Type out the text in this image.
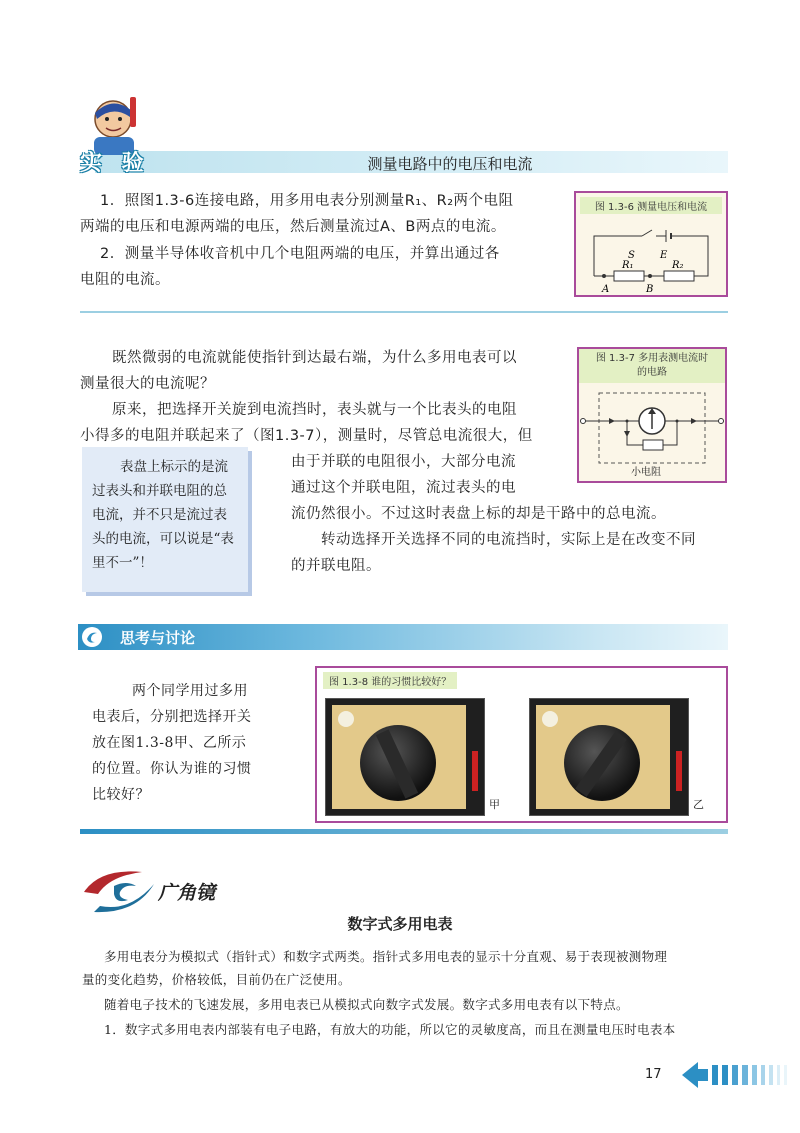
实 验	测量电路中的电压和电流
1．照图1.3-6连接电路，用多用电表分别测量R₁、R₂两个电阻
两端的电压和电源两端的电压，然后测量流过A、B两点的电流。
2．测量半导体收音机中几个电阻两端的电压，并算出通过各
电阻的电流。
图 1.3-6 测量电压和电流
S	E
R₁	R₂
A	B
既然微弱的电流就能使指针到达最右端，为什么多用电表可以
测量很大的电流呢？
原来，把选择开关旋到电流挡时，表头就与一个比表头的电阻
小得多的电阻并联起来了（图1.3-7），测量时，尽管总电流很大，但
由于并联的电阻很小，大部分电流
通过这个并联电阻，流过表头的电
流仍然很小。不过这时表盘上标的却是干路中的总电流。
转动选择开关选择不同的电流挡时，实际上是在改变不同
的并联电阻。
表盘上标示的是流过表头和并联电阻的总电流，并不只是流过表头的电流，可以说是“表里不一”！
图 1.3-7 多用表测电流时
的电路
小电阻
思考与讨论
两个同学用过多用
电表后，分别把选择开关
放在图1.3-8甲、乙所示
的位置。你认为谁的习惯
比较好？
图 1.3-8 谁的习惯比较好？
甲	乙
广角镜
数字式多用电表
多用电表分为模拟式（指针式）和数字式两类。指针式多用电表的显示十分直观、易于表现被测物理
量的变化趋势，价格较低，目前仍在广泛使用。
随着电子技术的飞速发展，多用电表已从模拟式向数字式发展。数字式多用电表有以下特点。
1．数字式多用电表内部装有电子电路，有放大的功能，所以它的灵敏度高，而且在测量电压时电表本
17
